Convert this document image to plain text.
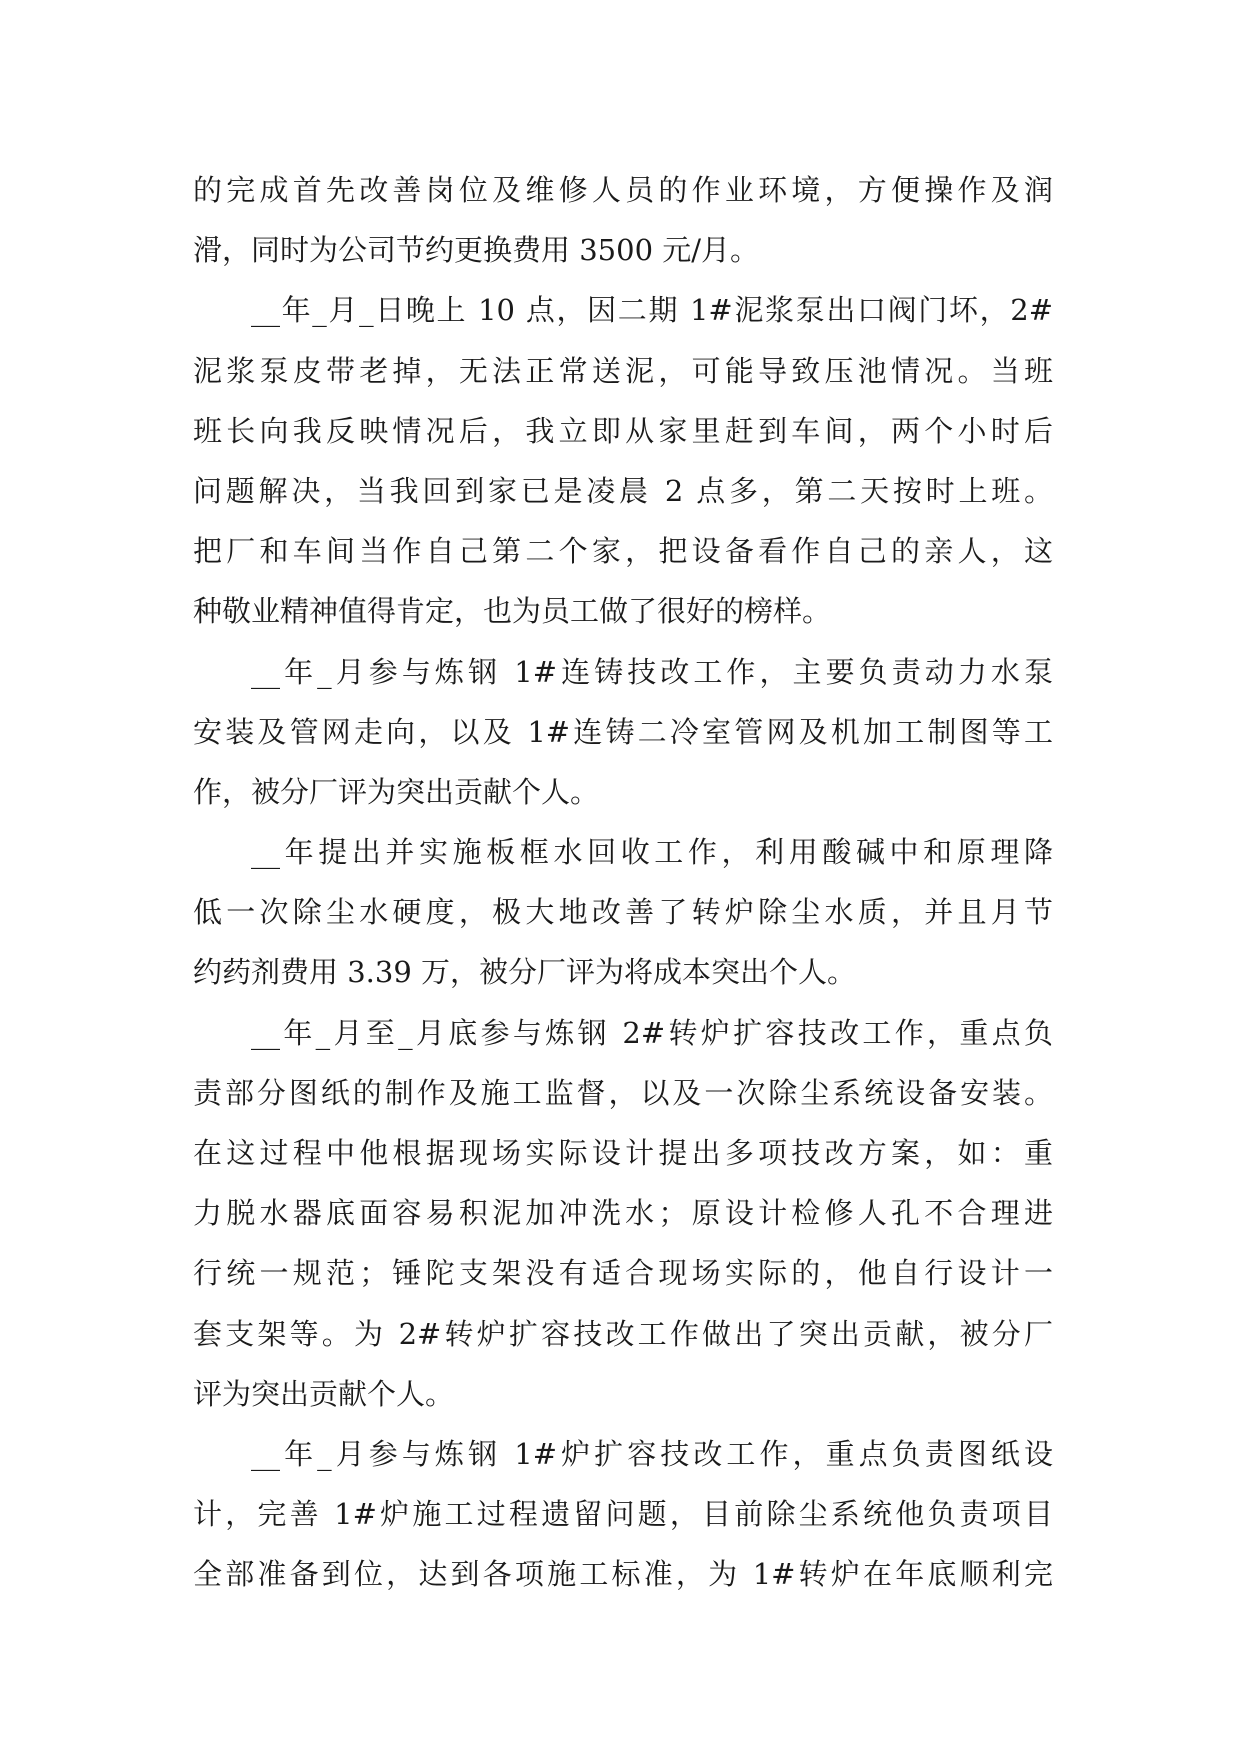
的完成首先改善岗位及维修人员的作业环境，方便操作及润
滑，同时为公司节约更换费用 3500 元/月。
__年_月_日晚上 10 点，因二期 1#泥浆泵出口阀门坏，2#
泥浆泵皮带老掉，无法正常送泥，可能导致压池情况。当班
班长向我反映情况后，我立即从家里赶到车间，两个小时后
问题解决，当我回到家已是凌晨 2 点多，第二天按时上班。
把厂和车间当作自己第二个家，把设备看作自己的亲人，这
种敬业精神值得肯定，也为员工做了很好的榜样。
__年_月参与炼钢 1#连铸技改工作，主要负责动力水泵
安装及管网走向，以及 1#连铸二冷室管网及机加工制图等工
作，被分厂评为突出贡献个人。
__年提出并实施板框水回收工作，利用酸碱中和原理降
低一次除尘水硬度，极大地改善了转炉除尘水质，并且月节
约药剂费用 3.39 万，被分厂评为将成本突出个人。
__年_月至_月底参与炼钢 2#转炉扩容技改工作，重点负
责部分图纸的制作及施工监督，以及一次除尘系统设备安装。
在这过程中他根据现场实际设计提出多项技改方案，如：重
力脱水器底面容易积泥加冲洗水；原设计检修人孔不合理进
行统一规范；锤陀支架没有适合现场实际的，他自行设计一
套支架等。为 2#转炉扩容技改工作做出了突出贡献，被分厂
评为突出贡献个人。
__年_月参与炼钢 1#炉扩容技改工作，重点负责图纸设
计，完善 1#炉施工过程遗留问题，目前除尘系统他负责项目
全部准备到位，达到各项施工标准，为 1#转炉在年底顺利完
